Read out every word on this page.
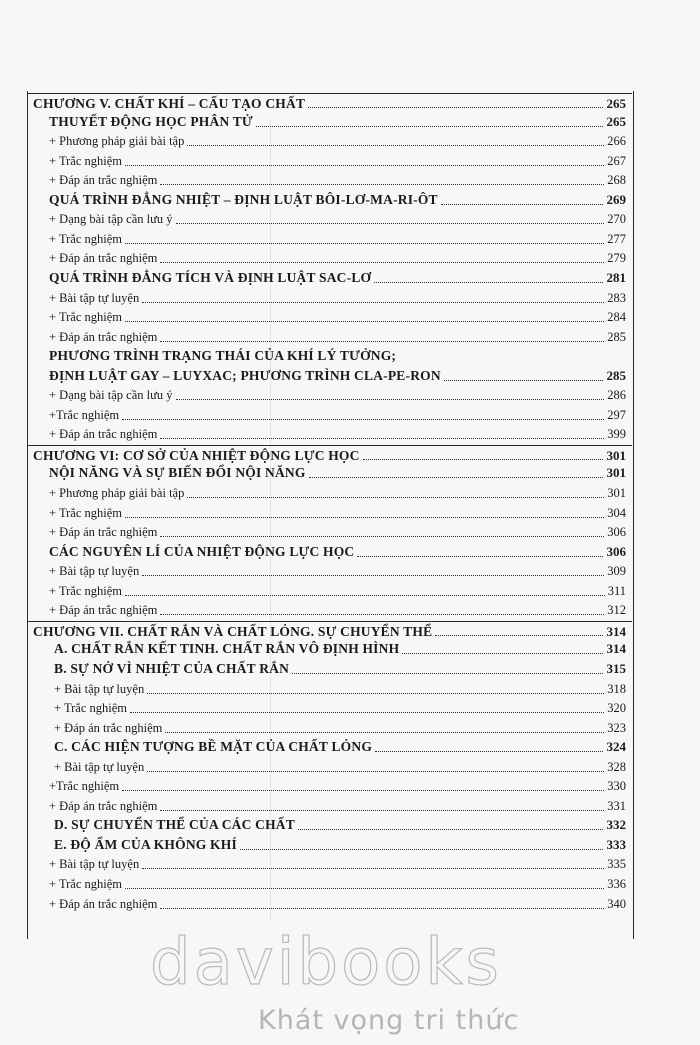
CHƯƠNG V. CHẤT KHÍ – CẤU TẠO CHẤT	265
THUYẾT ĐỘNG HỌC PHÂN TỬ	265
+ Phương pháp giải bài tập	266
+ Trắc nghiệm	267
+ Đáp án trắc nghiệm	268
QUÁ TRÌNH ĐẲNG NHIỆT – ĐỊNH LUẬT BÔI-LƠ-MA-RI-ÔT	269
+ Dạng bài tập cần lưu ý	270
+ Trắc nghiệm	277
+ Đáp án trắc nghiệm	279
QUÁ TRÌNH ĐẲNG TÍCH VÀ ĐỊNH LUẬT SAC-LƠ	281
+ Bài tập tự luyện	283
+ Trắc nghiệm	284
+ Đáp án trắc nghiệm	285
PHƯƠNG TRÌNH TRẠNG THÁI CỦA KHÍ LÝ TƯỞNG;
ĐỊNH LUẬT GAY – LUYXAC; PHƯƠNG TRÌNH CLA-PE-RON	285
+ Dạng bài tập cần lưu ý	286
+Trắc nghiệm	297
+ Đáp án trắc nghiệm	399
CHƯƠNG VI: CƠ SỞ CỦA NHIỆT ĐỘNG LỰC HỌC	301
NỘI NĂNG VÀ SỰ BIẾN ĐỔI NỘI NĂNG	301
+ Phương pháp giải bài tập	301
+ Trắc nghiệm	304
+ Đáp án trắc nghiệm	306
CÁC NGUYÊN LÍ CỦA NHIỆT ĐỘNG LỰC HỌC	306
+ Bài tập tự luyện	309
+ Trắc nghiệm	311
+ Đáp án trắc nghiệm	312
CHƯƠNG VII. CHẤT RẮN VÀ CHẤT LỎNG. SỰ CHUYỂN THỂ	314
A. CHẤT RẮN KẾT TINH. CHẤT RẮN VÔ ĐỊNH HÌNH	314
B. SỰ NỞ VÌ NHIỆT CỦA CHẤT RẮN	315
+ Bài tập tự luyện	318
+ Trắc nghiệm	320
+ Đáp án trắc nghiệm	323
C. CÁC HIỆN TƯỢNG BỀ MẶT CỦA CHẤT LỎNG	324
+ Bài tập tự luyện	328
+Trắc nghiệm	330
+ Đáp án trắc nghiệm	331
D. SỰ CHUYỂN THỂ CỦA CÁC CHẤT	332
E. ĐỘ ẨM CỦA KHÔNG KHÍ	333
+ Bài tập tự luyện	335
+ Trắc nghiệm	336
+ Đáp án trắc nghiệm	340
davibooks
Khát vọng tri thức
